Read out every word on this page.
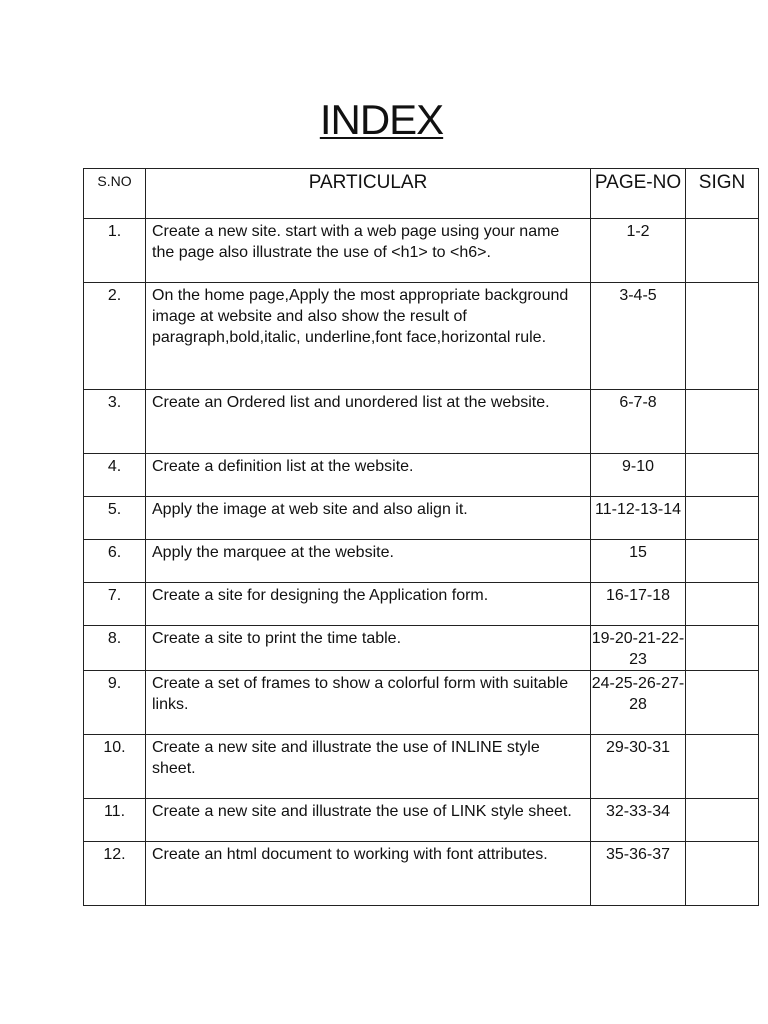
INDEX
S.NO	PARTICULAR	PAGE-NO	SIGN
1.	Create a new site. start with a web page using your name the page also illustrate the use of <h1> to <h6>.	1-2	
2.	On the home page,Apply the most appropriate background image at website and also show the result of paragraph,bold,italic, underline,font face,horizontal rule.	3-4-5	
3.	Create an Ordered list and unordered list at the website.	6-7-8	
4.	Create a definition list at the website.	9-10	
5.	Apply the image at web site and also align it.	11-12-13-14	
6.	Apply the marquee at the website.	15	
7.	Create a site for designing the Application form.	16-17-18	
8.	Create a site to print the time table.	19-20-21-22-23	
9.	Create a set of frames to show a colorful form with suitable links.	24-25-26-27-28	
10.	Create a new site and illustrate the use of INLINE style sheet.	29-30-31	
11.	Create a new site and illustrate the use of LINK style sheet.	32-33-34	
12.	Create an html document to working with font attributes.	35-36-37	
